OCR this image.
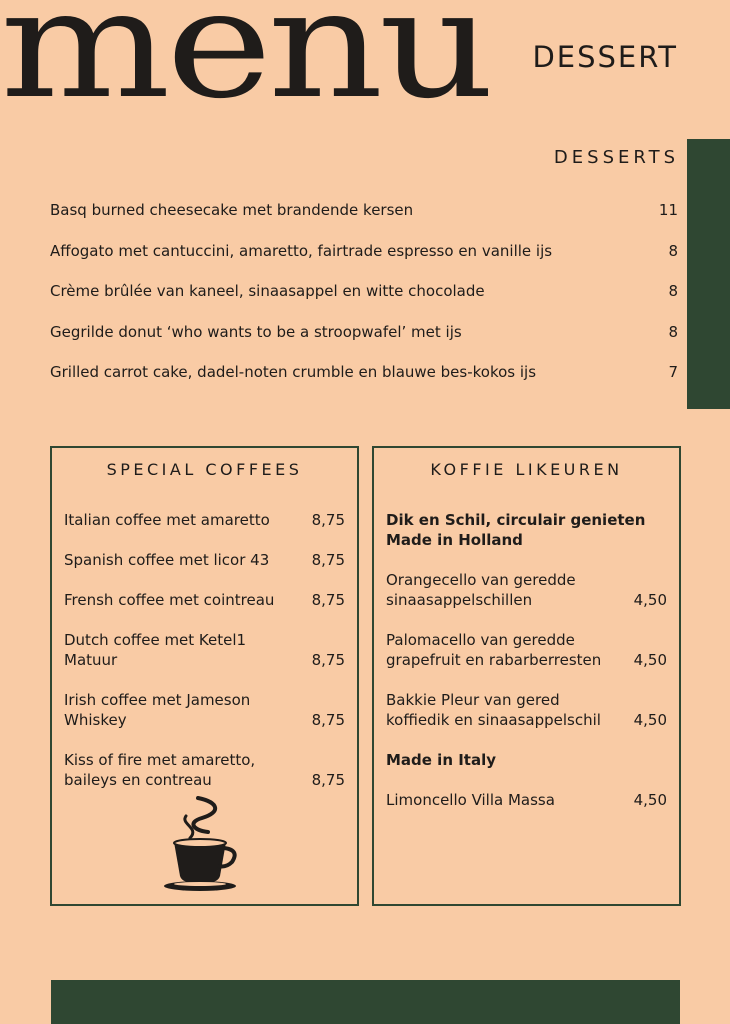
menu DESSERT
DESSERTS
Basq burned cheesecake met brandende kersen	11
Affogato met cantuccini, amaretto, fairtrade espresso en vanille ijs	8
Crème brûlée van kaneel, sinaasappel en witte chocolade	8
Gegrilde donut ‘who wants to be a stroopwafel’ met ijs	8
Grilled carrot cake, dadel-noten crumble en blauwe bes-kokos ijs	7
SPECIAL COFFEES
Italian coffee met amaretto	8,75
Spanish coffee met licor 43	8,75
Frensh coffee met cointreau 8,75
Dutch coffee met Ketel1
Matuur	8,75
Irish coffee met Jameson
Whiskey	8,75
Kiss of fire met amaretto,
baileys en contreau	8,75
KOFFIE LIKEUREN
Dik en Schil, circulair genieten
Made in Holland
Orangecello van geredde
sinaasappelschillen	4,50
Palomacello van geredde
grapefruit en rabarberresten 4,50
Bakkie Pleur van gered
koffiedik en sinaasappelschil 4,50
Made in Italy
Limoncello Villa Massa	4,50
